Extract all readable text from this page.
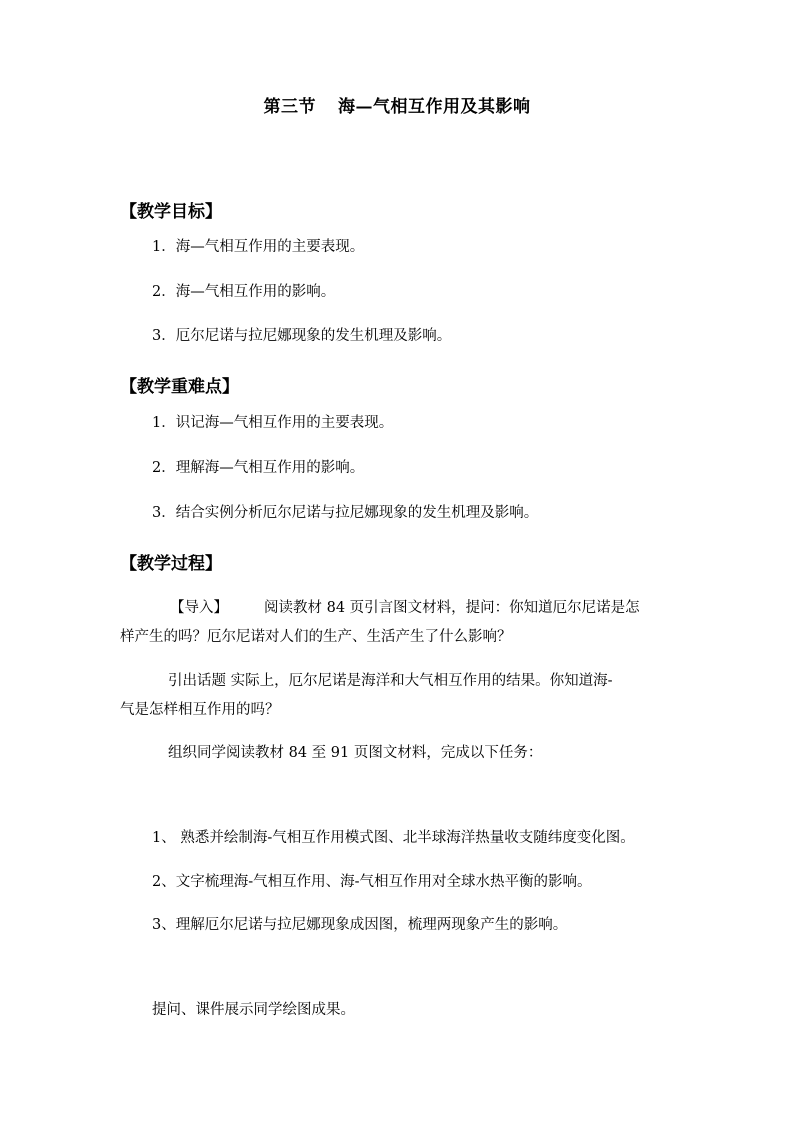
第三节 海—气相互作用及其影响
【教学目标】
1．海—气相互作用的主要表现。
2．海—气相互作用的影响。
3．厄尔尼诺与拉尼娜现象的发生机理及影响。
【教学重难点】
1．识记海—气相互作用的主要表现。
2．理解海—气相互作用的影响。
3．结合实例分析厄尔尼诺与拉尼娜现象的发生机理及影响。
【教学过程】
【导入】 阅读教材 84 页引言图文材料，提问：你知道厄尔尼诺是怎
样产生的吗？厄尔尼诺对人们的生产、生活产生了什么影响？
引出话题 实际上，厄尔尼诺是海洋和大气相互作用的结果。你知道海-
气是怎样相互作用的吗？
组织同学阅读教材 84 至 91 页图文材料，完成以下任务：
1、 熟悉并绘制海-气相互作用模式图、北半球海洋热量收支随纬度变化图。
2、文字梳理海-气相互作用、海-气相互作用对全球水热平衡的影响。
3、理解厄尔尼诺与拉尼娜现象成因图，梳理两现象产生的影响。
提问、课件展示同学绘图成果。
